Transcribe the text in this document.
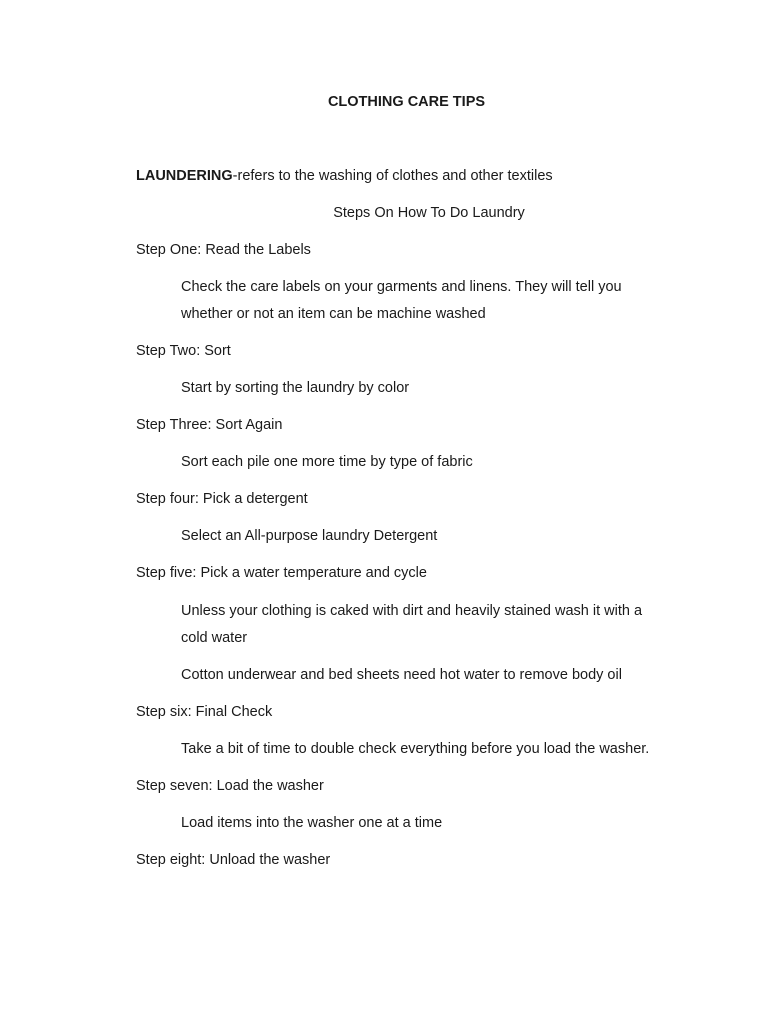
CLOTHING CARE TIPS
LAUNDERING-refers to the washing of clothes and other textiles
Steps On How To Do Laundry
Step One: Read the Labels
Check the care labels on your garments and linens. They will tell you
whether or not an item can be machine washed
Step Two: Sort
Start by sorting the laundry by color
Step Three: Sort Again
Sort each pile one more time by type of fabric
Step four: Pick a detergent
Select an All-purpose laundry Detergent
Step five: Pick a water temperature and cycle
Unless your clothing is caked with dirt and heavily stained wash it with a
cold water
Cotton underwear and bed sheets need hot water to remove body oil
Step six: Final Check
Take a bit of time to double check everything before you load the washer.
Step seven: Load the washer
Load items into the washer one at a time
Step eight: Unload the washer
